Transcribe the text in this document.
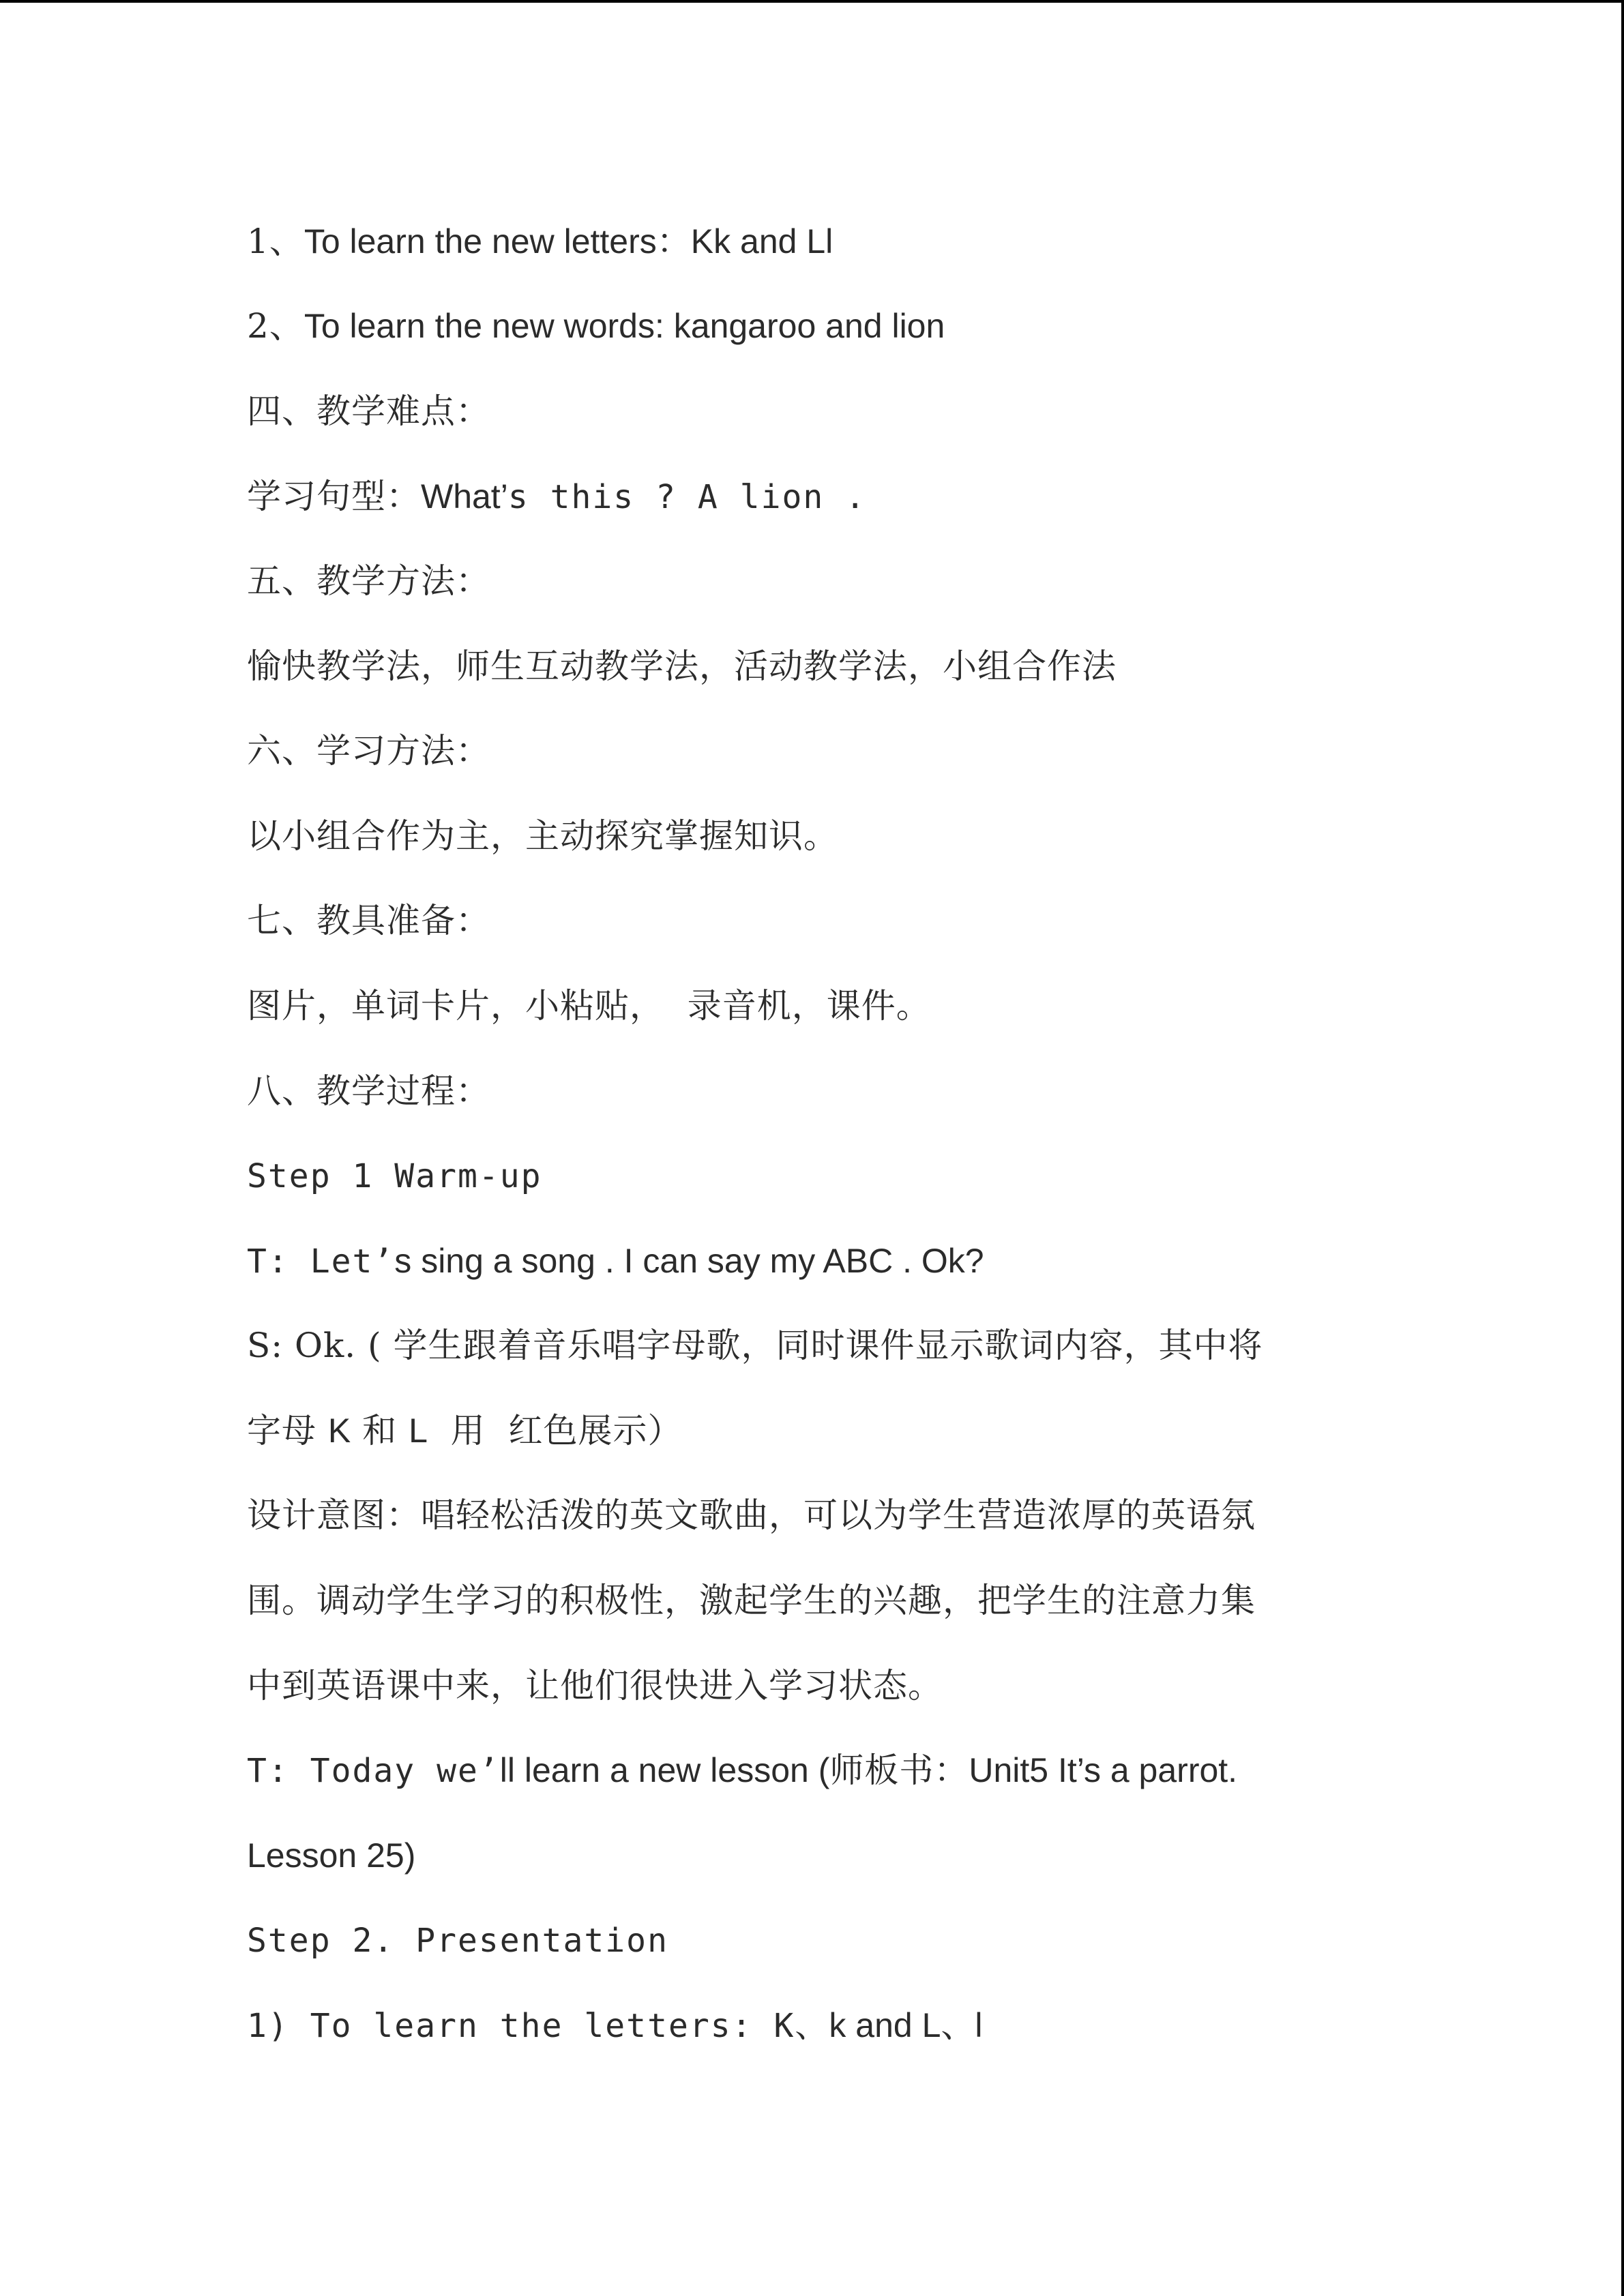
1、To learn the new letters：Kk and Ll
2、To learn the new words: kangaroo and lion
四、教学难点：
学习句型：What’s this ? A lion .
五、教学方法：
愉快教学法，师生互动教学法，活动教学法，小组合作法
六、学习方法：
以小组合作为主，主动探究掌握知识。
七、教具准备：
图片，单词卡片，小粘贴，  录音机，课件。
八、教学过程：
Step 1 Warm-up
T: Let’s sing a song . I can say my ABC . Ok?
S: Ok. ( 学生跟着音乐唱字母歌，同时课件显示歌词内容，其中将
字母 K 和 L  用  红色展示）
设计意图：唱轻松活泼的英文歌曲，可以为学生营造浓厚的英语氛
围。调动学生学习的积极性，激起学生的兴趣，把学生的注意力集
中到英语课中来，让他们很快进入学习状态。
T: Today we’ll learn a new lesson (师板书：Unit5 It’s a parrot.
Lesson 25)
Step 2. Presentation
1) To learn the letters: K、k and L、l
